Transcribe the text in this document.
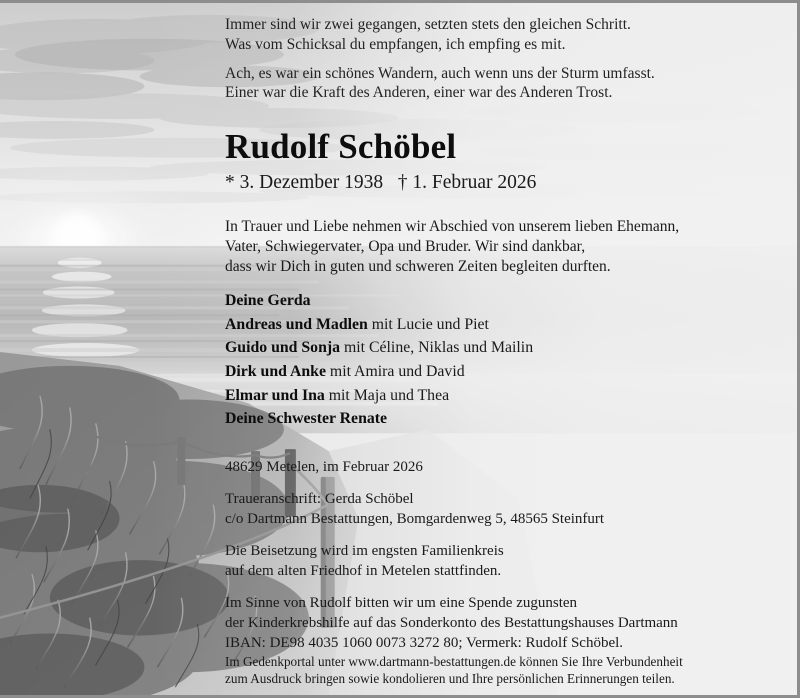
Immer sind wir zwei gegangen, setzten stets den gleichen Schritt.
Was vom Schicksal du empfangen, ich empfing es mit.
Ach, es war ein schönes Wandern, auch wenn uns der Sturm umfasst.
Einer war die Kraft des Anderen, einer war des Anderen Trost.
Rudolf Schöbel
* 3. Dezember 1938   † 1. Februar 2026
In Trauer und Liebe nehmen wir Abschied von unserem lieben Ehemann,
Vater, Schwiegervater, Opa und Bruder. Wir sind dankbar,
dass wir Dich in guten und schweren Zeiten begleiten durften.
Deine Gerda
Andreas und Madlen mit Lucie und Piet
Guido und Sonja mit Céline, Niklas und Mailin
Dirk und Anke mit Amira und David
Elmar und Ina mit Maja und Thea
Deine Schwester Renate
48629 Metelen, im Februar 2026
Traueranschrift: Gerda Schöbel
c/o Dartmann Bestattungen, Bomgardenweg 5, 48565 Steinfurt
Die Beisetzung wird im engsten Familienkreis
auf dem alten Friedhof in Metelen stattfinden.
Im Sinne von Rudolf bitten wir um eine Spende zugunsten
der Kinderkrebshilfe auf das Sonderkonto des Bestattungshauses Dartmann
IBAN: DE98 4035 1060 0073 3272 80; Vermerk: Rudolf Schöbel.
Im Gedenkportal unter www.dartmann-bestattungen.de können Sie Ihre Verbundenheit
zum Ausdruck bringen sowie kondolieren und Ihre persönlichen Erinnerungen teilen.
